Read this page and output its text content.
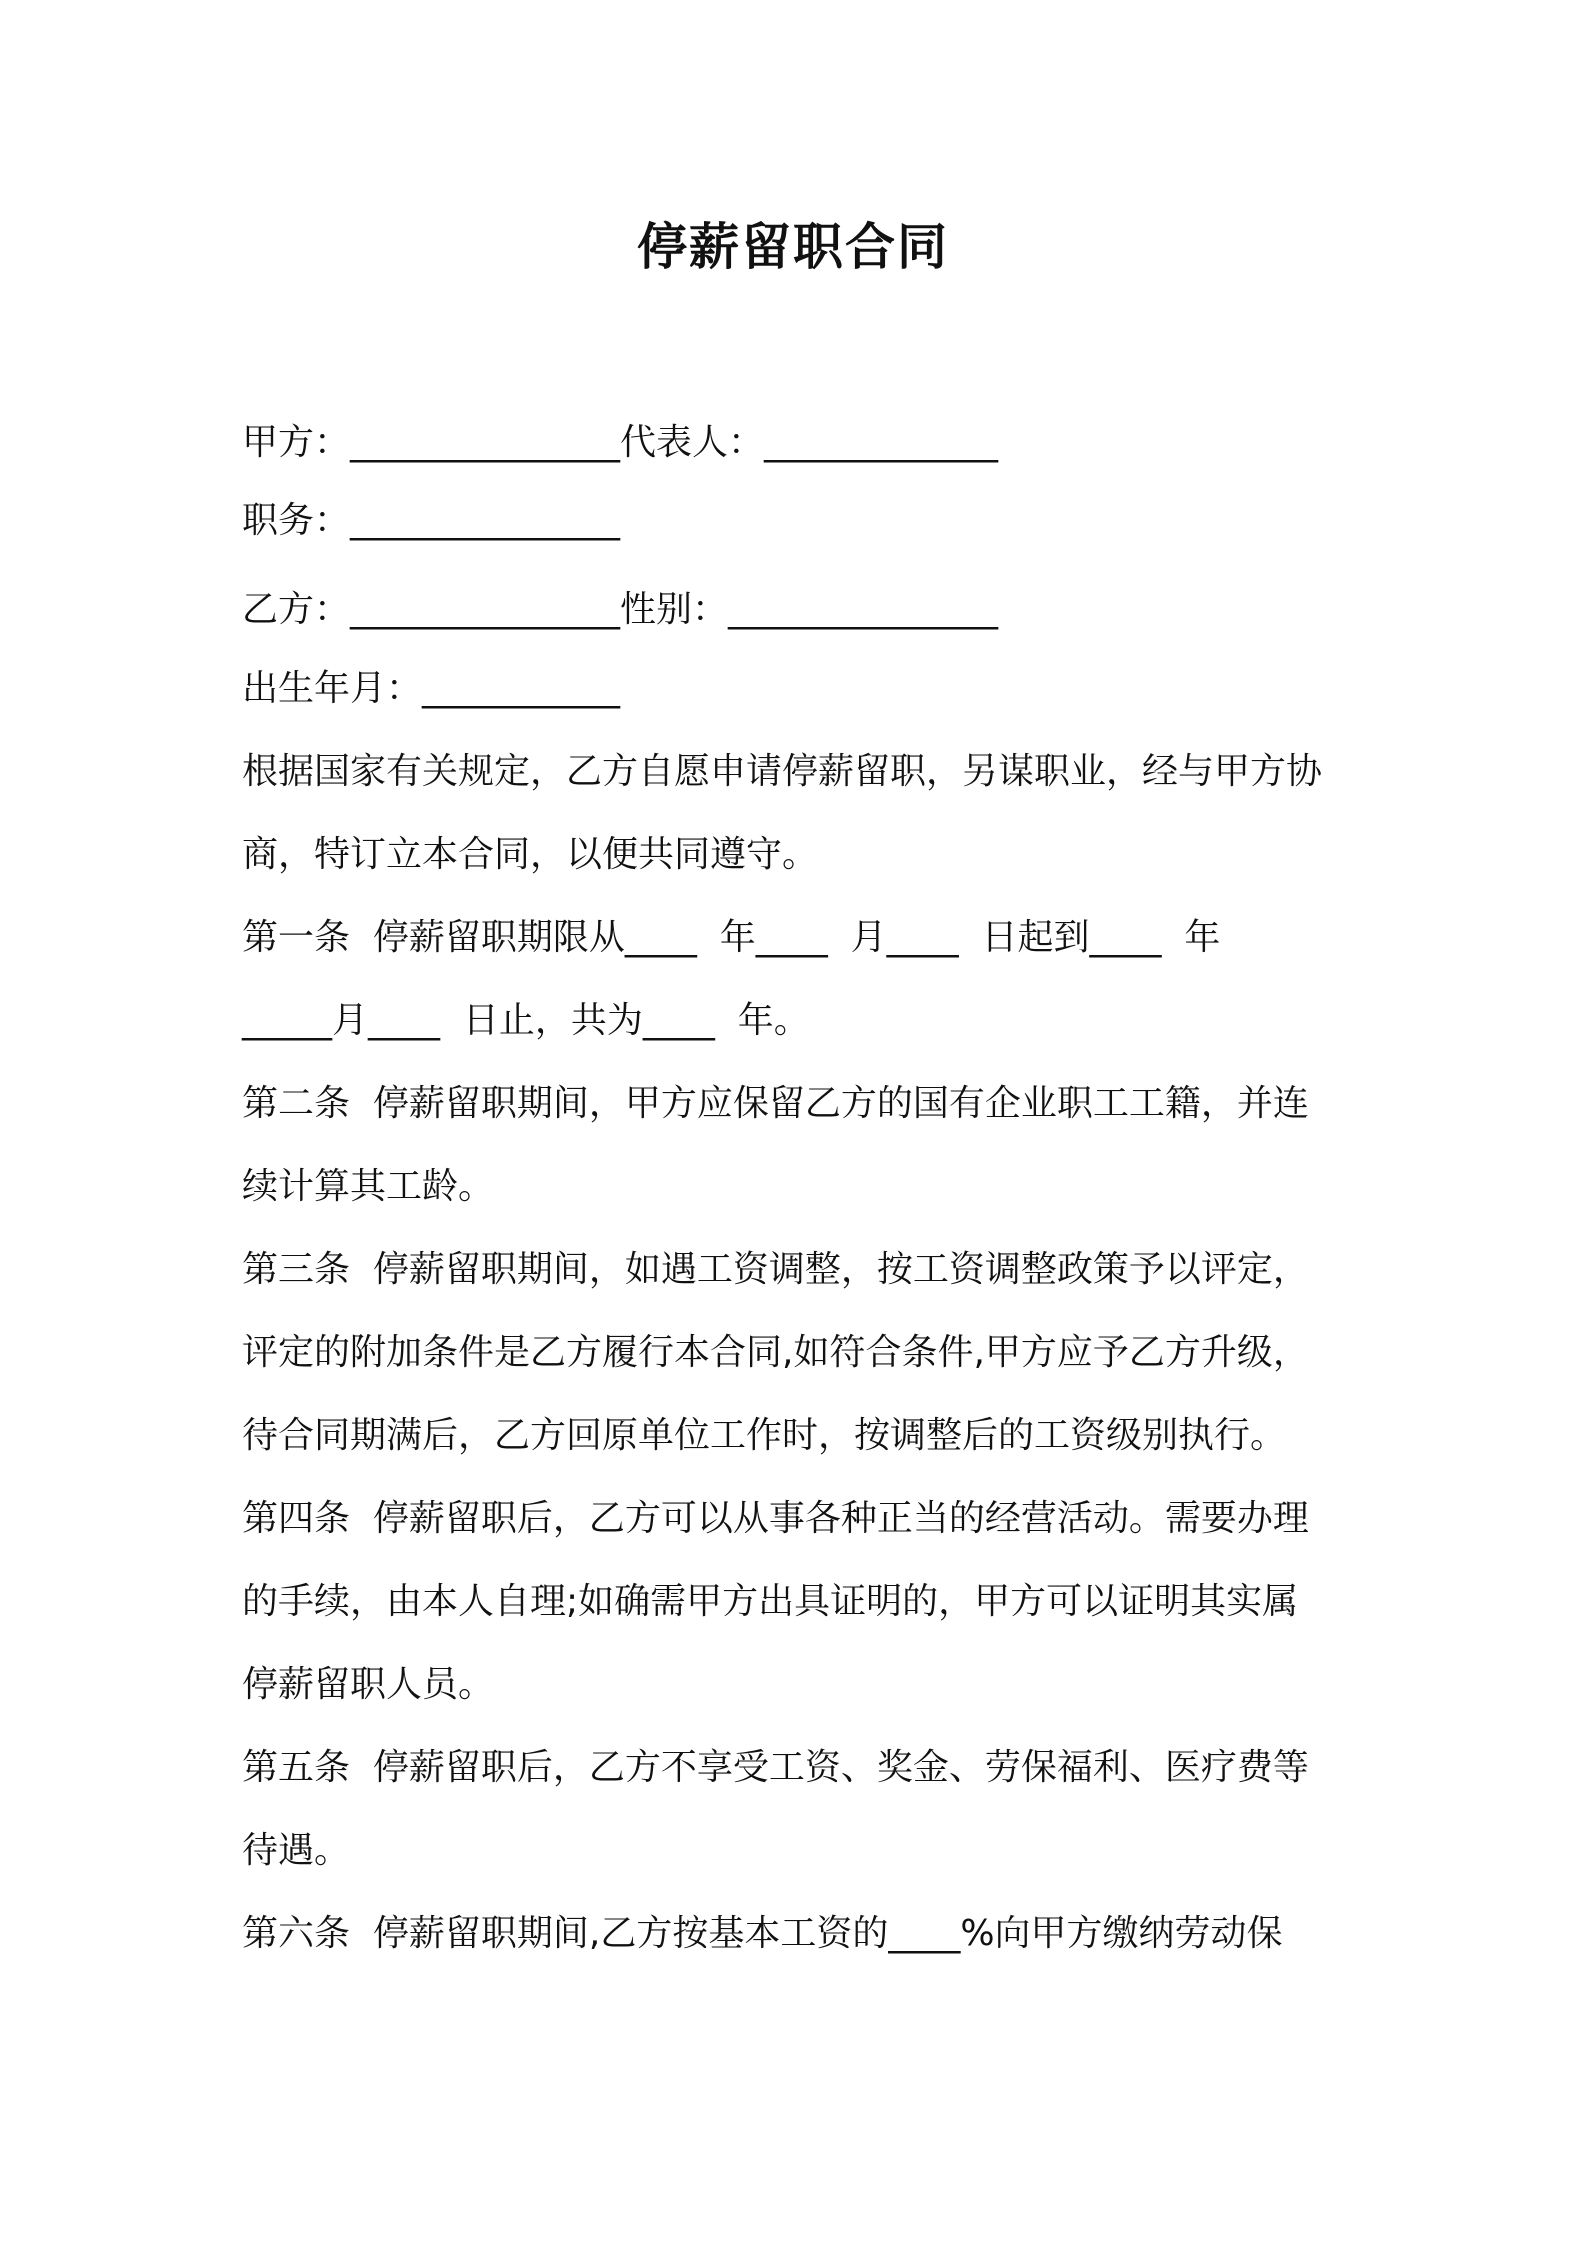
停薪留职合同

甲方：_______________代表人：_____________

职务：_______________

乙方：_______________性别：_______________

出生年月：___________

根据国家有关规定，乙方自愿申请停薪留职，另谋职业，经与甲方协

商，特订立本合同，以便共同遵守。

第一条  停薪留职期限从____  年____  月____  日起到____  年

_____月____  日止，共为____  年。

第二条  停薪留职期间，甲方应保留乙方的国有企业职工工籍，并连

续计算其工龄。

第三条  停薪留职期间，如遇工资调整，按工资调整政策予以评定，

评定的附加条件是乙方履行本合同,如符合条件,甲方应予乙方升级，

待合同期满后，乙方回原单位工作时，按调整后的工资级别执行。

第四条  停薪留职后，乙方可以从事各种正当的经营活动。需要办理

的手续，由本人自理;如确需甲方出具证明的，甲方可以证明其实属

停薪留职人员。

第五条  停薪留职后，乙方不享受工资、奖金、劳保福利、医疗费等

待遇。

第六条  停薪留职期间,乙方按基本工资的____%向甲方缴纳劳动保
